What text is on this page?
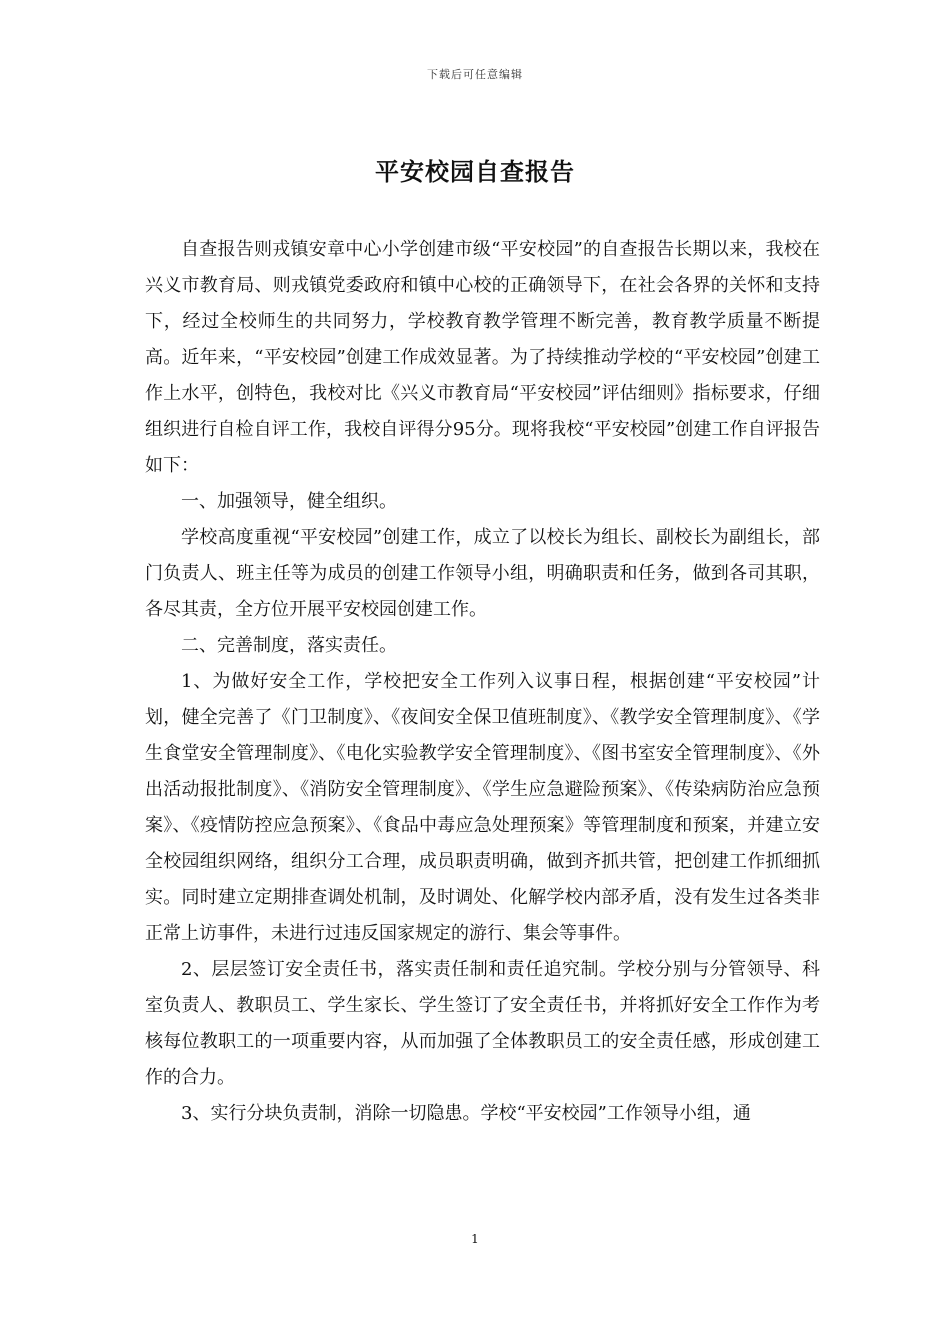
下载后可任意编辑
平安校园自查报告

自查报告则戎镇安章中心小学创建市级“平安校园”的自查报告长期以来，我校在兴义市教育局、则戎镇党委政府和镇中心校的正确领导下，在社会各界的关怀和支持下，经过全校师生的共同努力，学校教育教学管理不断完善，教育教学质量不断提高。近年来，“平安校园”创建工作成效显著。为了持续推动学校的“平安校园”创建工作上水平，创特色，我校对比《兴义市教育局“平安校园”评估细则》指标要求，仔细组织进行自检自评工作，我校自评得分95分。现将我校“平安校园”创建工作自评报告如下：

一、加强领导，健全组织。

学校高度重视“平安校园”创建工作，成立了以校长为组长、副校长为副组长，部门负责人、班主任等为成员的创建工作领导小组，明确职责和任务，做到各司其职，各尽其责，全方位开展平安校园创建工作。

二、完善制度，落实责任。

1、为做好安全工作，学校把安全工作列入议事日程，根据创建“平安校园”计划，健全完善了《门卫制度》、《夜间安全保卫值班制度》、《教学安全管理制度》、《学生食堂安全管理制度》、《电化实验教学安全管理制度》、《图书室安全管理制度》、《外出活动报批制度》、《消防安全管理制度》、《学生应急避险预案》、《传染病防治应急预案》、《疫情防控应急预案》、《食品中毒应急处理预案》等管理制度和预案，并建立安全校园组织网络，组织分工合理，成员职责明确，做到齐抓共管，把创建工作抓细抓实。同时建立定期排查调处机制，及时调处、化解学校内部矛盾，没有发生过各类非正常上访事件，未进行过违反国家规定的游行、集会等事件。

2、层层签订安全责任书，落实责任制和责任追究制。学校分别与分管领导、科室负责人、教职员工、学生家长、学生签订了安全责任书，并将抓好安全工作作为考核每位教职工的一项重要内容，从而加强了全体教职员工的安全责任感，形成创建工作的合力。

3、实行分块负责制，消除一切隐患。学校“平安校园”工作领导小组，通

1
